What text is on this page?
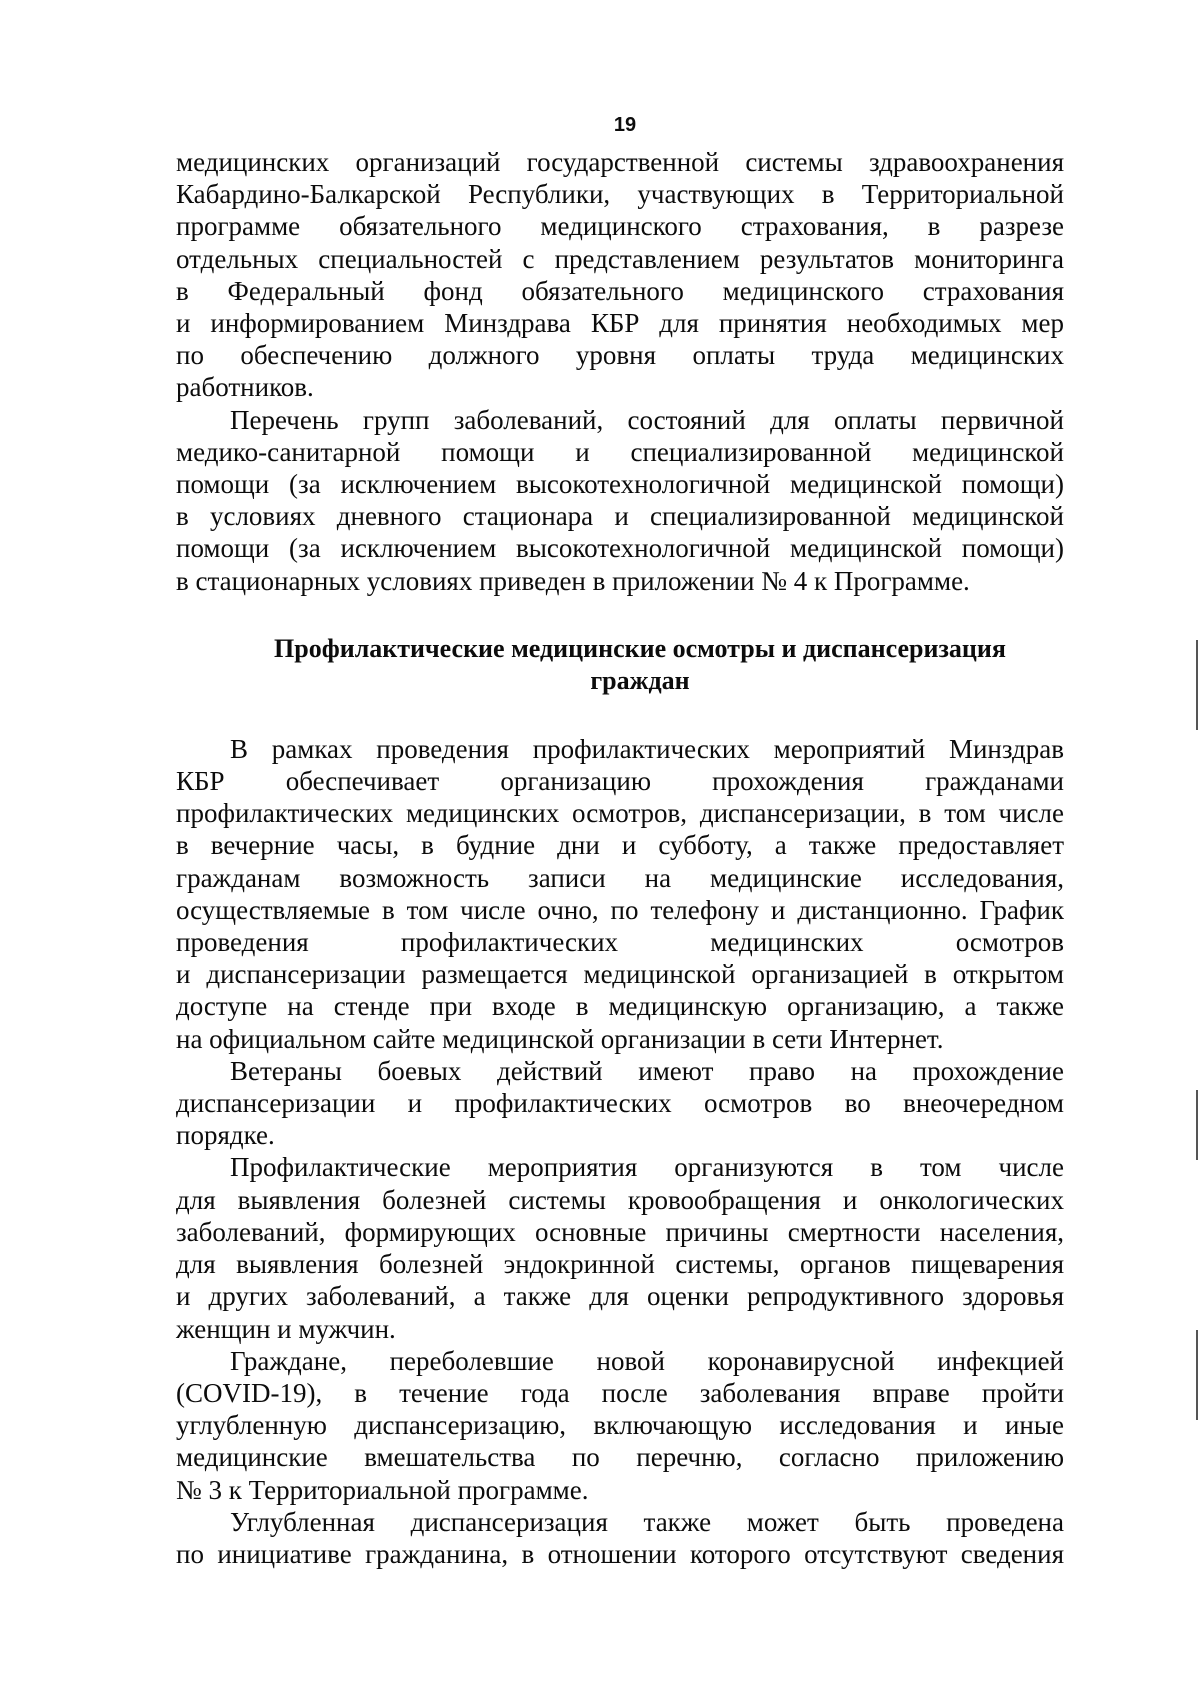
19
медицинских организаций государственной системы здравоохранения
Кабардино-Балкарской Республики, участвующих в Территориальной
программе обязательного медицинского страхования, в разрезе
отдельных специальностей с представлением результатов мониторинга
в Федеральный фонд обязательного медицинского страхования
и информированием Минздрава КБР для принятия необходимых мер
по обеспечению должного уровня оплаты труда медицинских
работников.
Перечень групп заболеваний, состояний для оплаты первичной
медико-санитарной помощи и специализированной медицинской
помощи (за исключением высокотехнологичной медицинской помощи)
в условиях дневного стационара и специализированной медицинской
помощи (за исключением высокотехнологичной медицинской помощи)
в стационарных условиях приведен в приложении № 4 к Программе.
Профилактические медицинские осмотры и диспансеризация
граждан
В рамках проведения профилактических мероприятий Минздрав
КБР обеспечивает организацию прохождения гражданами
профилактических медицинских осмотров, диспансеризации, в том числе
в вечерние часы, в будние дни и субботу, а также предоставляет
гражданам возможность записи на медицинские исследования,
осуществляемые в том числе очно, по телефону и дистанционно. График
проведения профилактических медицинских осмотров
и диспансеризации размещается медицинской организацией в открытом
доступе на стенде при входе в медицинскую организацию, а также
на официальном сайте медицинской организации в сети Интернет.
Ветераны боевых действий имеют право на прохождение
диспансеризации и профилактических осмотров во внеочередном
порядке.
Профилактические мероприятия организуются в том числе
для выявления болезней системы кровообращения и онкологических
заболеваний, формирующих основные причины смертности населения,
для выявления болезней эндокринной системы, органов пищеварения
и других заболеваний, а также для оценки репродуктивного здоровья
женщин и мужчин.
Граждане, переболевшие новой коронавирусной инфекцией
(COVID-19), в течение года после заболевания вправе пройти
углубленную диспансеризацию, включающую исследования и иные
медицинские вмешательства по перечню, согласно приложению
№ 3 к Территориальной программе.
Углубленная диспансеризация также может быть проведена
по инициативе гражданина, в отношении которого отсутствуют сведения
